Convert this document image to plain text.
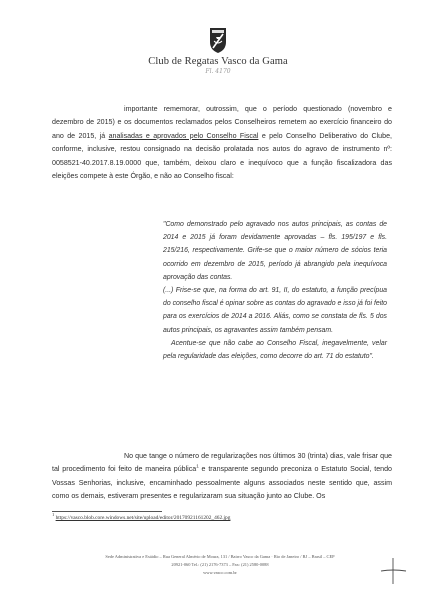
Club de Regatas Vasco da Gama
Fl. 4170
importante rememorar, outrossim, que o período questionado (novembro e dezembro de 2015) e os documentos reclamados pelos Conselheiros remetem ao exercício financeiro do ano de 2015, já analisadas e aprovados pelo Conselho Fiscal e pelo Conselho Deliberativo do Clube, conforme, inclusive, restou consignado na decisão prolatada nos autos do agravo de instrumento nº: 0058521-40.2017.8.19.0000 que, também, deixou claro e inequívoco que a função fiscalizadora das eleições compete à este Órgão, e não ao Conselho fiscal:

"Como demonstrado pelo agravado nos autos principais, as contas de 2014 e 2015 já foram devidamente aprovadas – fls. 195/197 e fls. 215/216, respectivamente. Grife-se que o maior número de sócios teria ocorrido em dezembro de 2015, período já abrangido pela inequívoca aprovação das contas.

(...) Frise-se que, na forma do art. 91, II, do estatuto, a função precípua do conselho fiscal é opinar sobre as contas do agravado e isso já foi feito para os exercícios de 2014 a 2016. Aliás, como se constata de fls. 5 dos autos principais, os agravantes assim também pensam.

Acentue-se que não cabe ao Conselho Fiscal, inegavelmente, velar pela regularidade das eleições, como decorre do art. 71 do estatuto".

No que tange o número de regularizações nos últimos 30 (trinta) dias, vale frisar que tal procedimento foi feito de maneira pública$^1$ e transparente segundo preconiza o Estatuto Social, tendo Vossas Senhorias, inclusive, encaminhado pessoalmente alguns associados neste sentido que, assim como os demais, estiveram presentes e regularizaram sua situação junto ao Clube. Os
$^1$ https://vasco.blob.core.windows.net/site/upload/editor/20170921161202_462.jpg
Sede Administrativa e Estádio – Rua General Almério de Moura, 131 / Bairro Vasco da Gama · Rio de Janeiro / RJ – Brasil – CEP
20921-060 Tel.: (21) 2176-7373 – Fax: (21) 2580-0088
www.vasco.com.br
